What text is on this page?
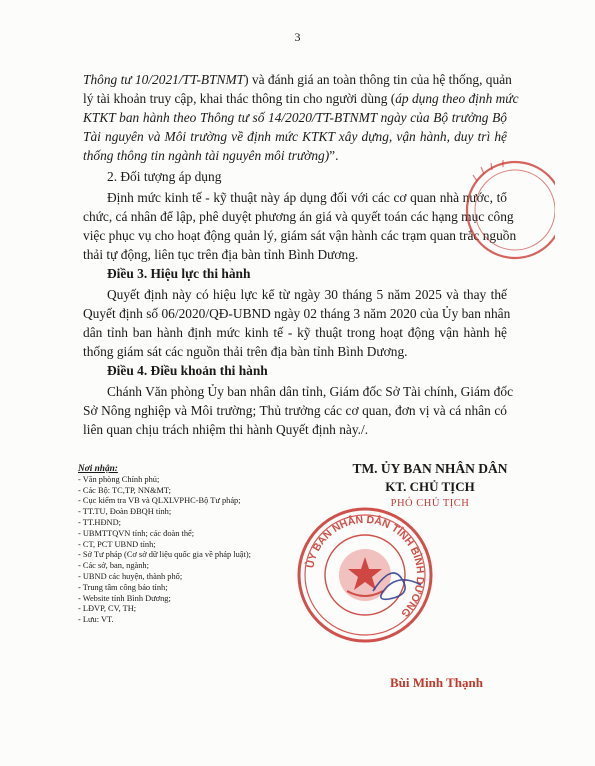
3
Thông tư 10/2021/TT-BTNMT) và đánh giá an toàn thông tin của hệ thống, quản
lý tài khoản truy cập, khai thác thông tin cho người dùng (áp dụng theo định mức
KTKT ban hành theo Thông tư số 14/2020/TT-BTNMT ngày của Bộ trưởng Bộ
Tài nguyên và Môi trường về định mức KTKT xây dựng, vận hành, duy trì hệ
thống thông tin ngành tài nguyên môi trường)”.
2. Đối tượng áp dụng
Định mức kinh tế - kỹ thuật này áp dụng đối với các cơ quan nhà nước, tổ
chức, cá nhân để lập, phê duyệt phương án giá và quyết toán các hạng mục công
việc phục vụ cho hoạt động quản lý, giám sát vận hành các trạm quan trắc nguồn
thải tự động, liên tục trên địa bàn tỉnh Bình Dương.
Điều 3. Hiệu lực thi hành
Quyết định này có hiệu lực kể từ ngày 30 tháng 5 năm 2025 và thay thế
Quyết định số 06/2020/QĐ-UBND ngày 02 tháng 3 năm 2020 của Ủy ban nhân
dân tỉnh ban hành định mức kinh tế - kỹ thuật trong hoạt động vận hành hệ
thống giám sát các nguồn thải trên địa bàn tỉnh Bình Dương.
Điều 4. Điều khoản thi hành
Chánh Văn phòng Ủy ban nhân dân tỉnh, Giám đốc Sở Tài chính, Giám đốc
Sở Nông nghiệp và Môi trường; Thủ trưởng các cơ quan, đơn vị và cá nhân có
liên quan chịu trách nhiệm thi hành Quyết định này./.
Nơi nhận:
- Văn phòng Chính phủ;
- Các Bộ: TC,TP, NN&MT;
- Cục kiểm tra VB và QLXLVPHC-Bộ Tư pháp;
- TT.TU, Đoàn ĐBQH tỉnh;
- TT.HĐND;
- UBMTTQVN tỉnh; các đoàn thể;
- CT, PCT UBND tỉnh;
- Sở Tư pháp (Cơ sở dữ liệu quốc gia về pháp luật);
- Các sở, ban, ngành;
- UBND các huyện, thành phố;
- Trung tâm công báo tỉnh;
- Website tỉnh Bình Dương;
- LĐVP, CV, TH;
- Lưu: VT.
TM. ỦY BAN NHÂN DÂN
KT. CHỦ TỊCH
PHÓ CHỦ TỊCH
ỦY BAN NHÂN DÂN TỈNH BÌNH DƯƠNG
Bùi Minh Thạnh
